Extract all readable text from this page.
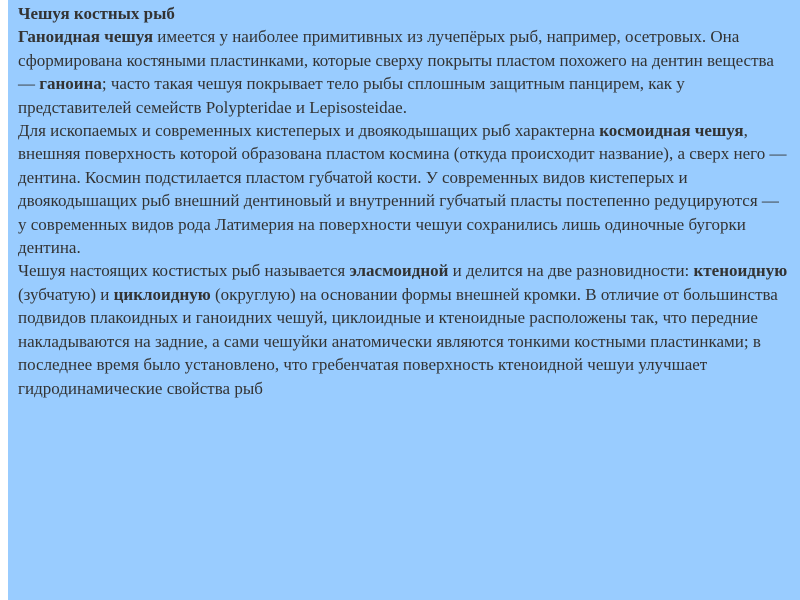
Чешуя костных рыб

Ганоидная чешуя имеется у наиболее примитивных из лучепёрых рыб, например, осетровых. Она сформирована костяными пластинками, которые сверху покрыты пластом похожего на дентин вещества — ганоина; часто такая чешуя покрывает тело рыбы сплошным защитным панцирем, как у представителей семейств Polypteridae и Lepisosteidae.

Для ископаемых и современных кистеперых и двоякодышащих рыб характерна космоидная чешуя, внешняя поверхность которой образована пластом космина (откуда происходит название), а сверх него — дентина. Космин подстилается пластом губчатой кости. У современных видов кистеперых и двоякодышащих рыб внешний дентиновый и внутренний губчатый пласты постепенно редуцируются — у современных видов рода Латимерия на поверхности чешуи сохранились лишь одиночные бугорки дентина.

Чешуя настоящих костистых рыб называется эласмоидной и делится на две разновидности: ктеноидную (зубчатую) и циклоидную (округлую) на основании формы внешней кромки. В отличие от большинства подвидов плакоидных и ганоидних чешуй, циклоидные и ктеноидные расположены так, что передние накладываются на задние, а сами чешуйки анатомически являются тонкими костными пластинками; в последнее время было установлено, что гребенчатая поверхность ктеноидной чешуи улучшает гидродинамические свойства рыб
